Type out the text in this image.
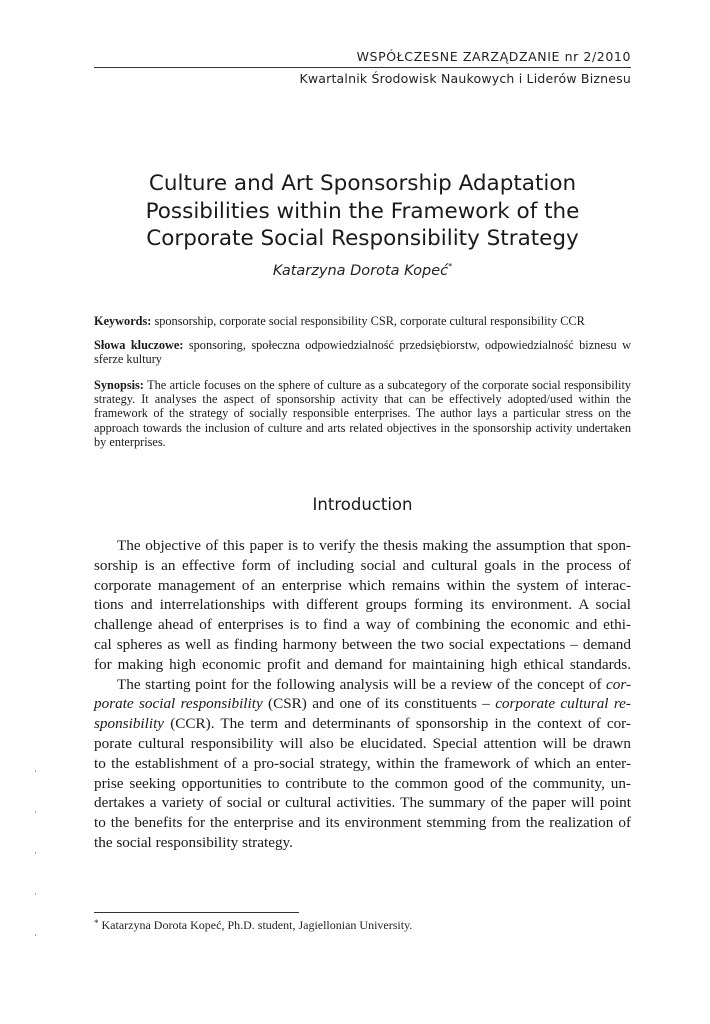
WSPÓŁCZESNE ZARZĄDZANIE nr 2/2010
Kwartalnik Środowisk Naukowych i Liderów Biznesu
Culture and Art Sponsorship Adaptation
Possibilities within the Framework of the
Corporate Social Responsibility Strategy
Katarzyna Dorota Kopeć*
Keywords: sponsorship, corporate social responsibility CSR, corporate cultural responsibility CCR
Słowa kluczowe: sponsoring, społeczna odpowiedzialność przedsiębiorstw, odpowiedzialność biznesu w sferze kultury
Synopsis: The article focuses on the sphere of culture as a subcategory of the corporate social responsibility strategy. It analyses the aspect of sponsorship activity that can be effectively adopted/used within the framework of the strategy of socially responsible enterprises. The author lays a particular stress on the approach towards the inclusion of culture and arts related objectives in the sponsorship activity undertaken by enterprises.
Introduction
The objective of this paper is to verify the thesis making the assumption that spon-
sorship is an effective form of including social and cultural goals in the process of
corporate management of an enterprise which remains within the system of interac-
tions and interrelationships with different groups forming its environment. A social
challenge ahead of enterprises is to find a way of combining the economic and ethi-
cal spheres as well as finding harmony between the two social expectations – demand
for making high economic profit and demand for maintaining high ethical standards.
The starting point for the following analysis will be a review of the concept of cor-
porate social responsibility (CSR) and one of its constituents – corporate cultural re-
sponsibility (CCR). The term and determinants of sponsorship in the context of cor-
porate cultural responsibility will also be elucidated. Special attention will be drawn
to the establishment of a pro-social strategy, within the framework of which an enter-
prise seeking opportunities to contribute to the common good of the community, un-
dertakes a variety of social or cultural activities. The summary of the paper will point
to the benefits for the enterprise and its environment stemming from the realization of
the social responsibility strategy.
* Katarzyna Dorota Kopeć, Ph.D. student, Jagiellonian University.
